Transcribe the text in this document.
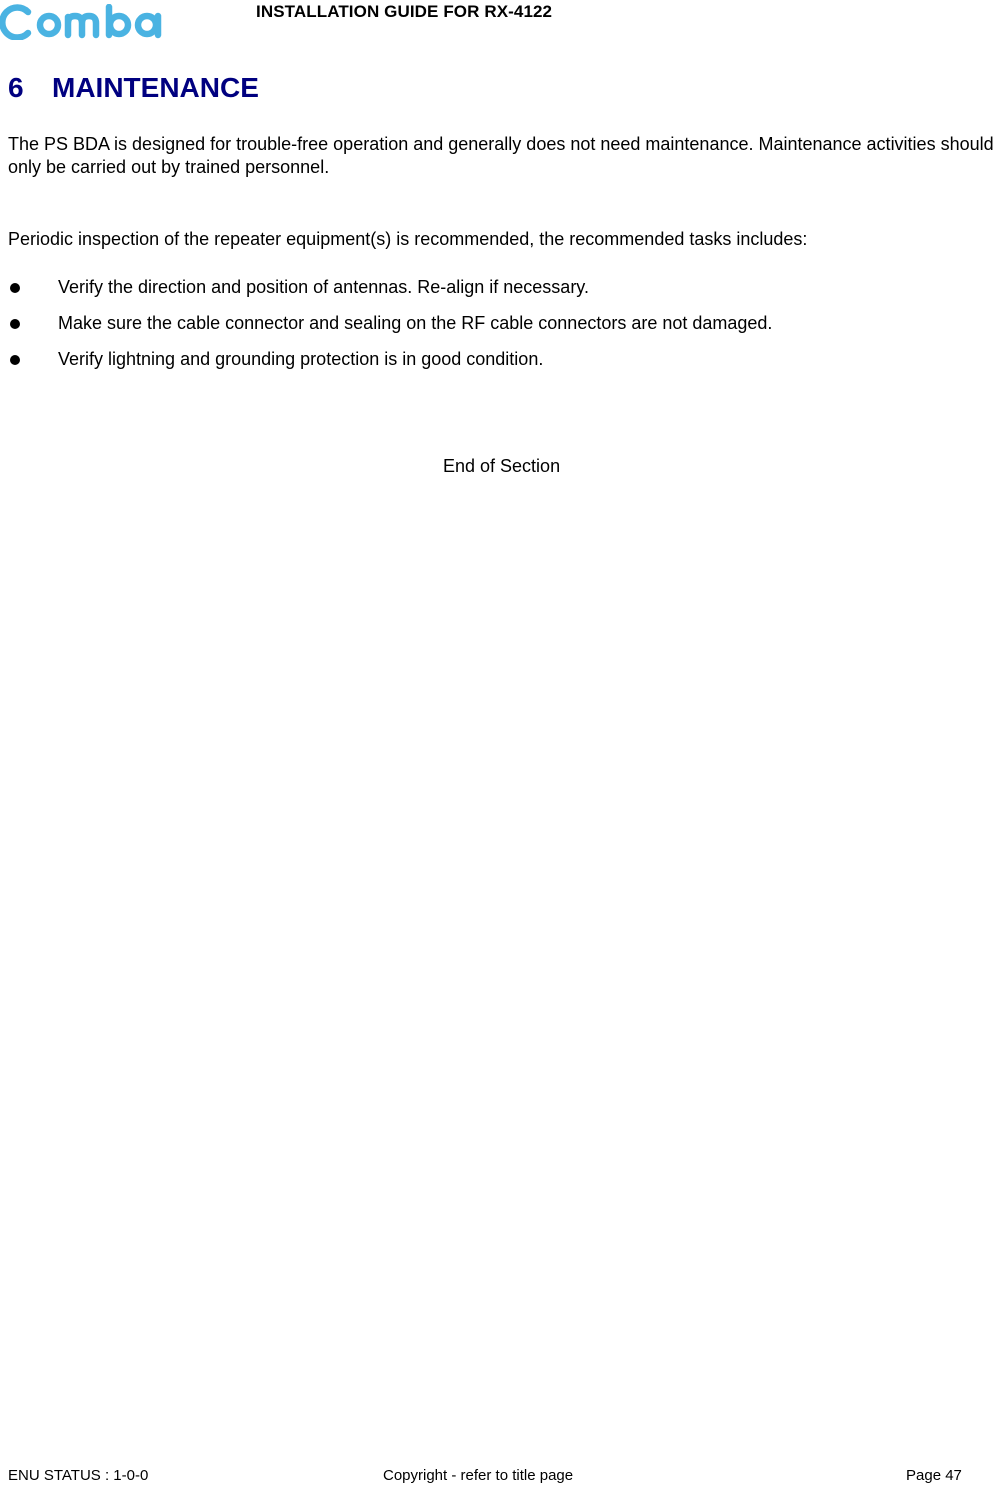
INSTALLATION GUIDE FOR RX-4122
6 MAINTENANCE

The PS BDA is designed for trouble-free operation and generally does not need maintenance. Maintenance activities should only be carried out by trained personnel.

Periodic inspection of the repeater equipment(s) is recommended, the recommended tasks includes:

Verify the direction and position of antennas. Re-align if necessary.
Make sure the cable connector and sealing on the RF cable connectors are not damaged.
Verify lightning and grounding protection is in good condition.
End of Section
ENU STATUS : 1-0-0	Copyright - refer to title page	Page 47
